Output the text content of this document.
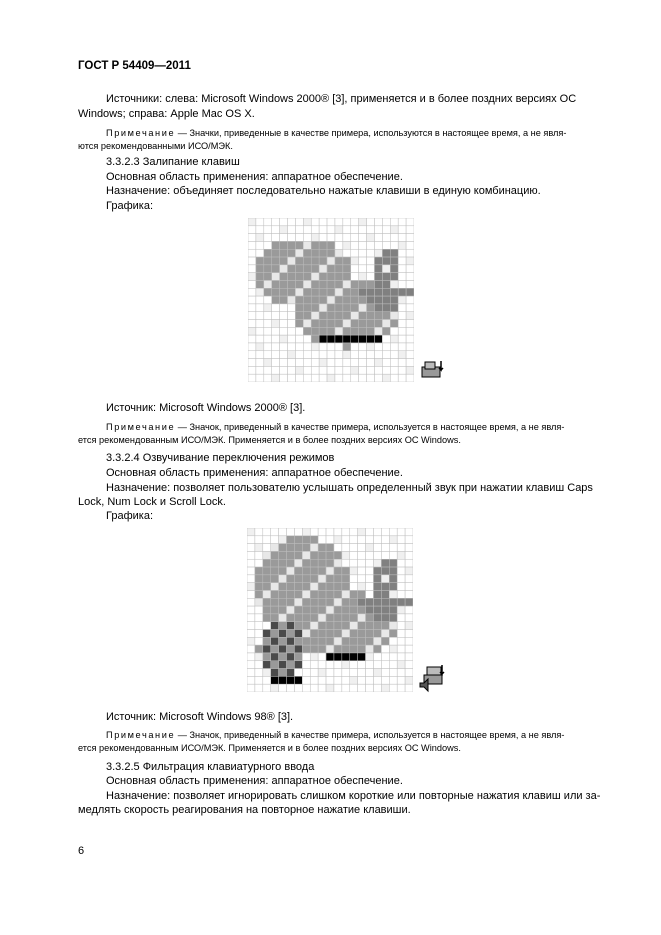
ГОСТ Р 54409—2011
Источники: слева: Microsoft Windows 2000® [3], применяется и в более поздних версиях ОС
Windows; справа: Apple Mac OS X.
Примечание — Значки, приведенные в качестве примера, используются в настоящее время, а не явля-
ются рекомендованными ИСО/МЭК.
3.3.2.3 Залипание клавиш
Основная область применения: аппаратное обеспечение.
Назначение: объединяет последовательно нажатые клавиши в единую комбинацию.
Графика:
Источник: Microsoft Windows 2000® [3].
Примечание — Значок, приведенный в качестве примера, используется в настоящее время, а не явля-
ется рекомендованным ИСО/МЭК. Применяется и в более поздних версиях ОС Windows.
3.3.2.4 Озвучивание переключения режимов
Основная область применения: аппаратное обеспечение.
Назначение: позволяет пользователю услышать определенный звук при нажатии клавиш Caps
Lock, Num Lock и Scroll Lock.
Графика:
Источник: Microsoft Windows 98® [3].
Примечание — Значок, приведенный в качестве примера, используется в настоящее время, а не явля-
ется рекомендованным ИСО/МЭК. Применяется и в более поздних версиях ОС Windows.
3.3.2.5 Фильтрация клавиатурного ввода
Основная область применения: аппаратное обеспечение.
Назначение: позволяет игнорировать слишком короткие или повторные нажатия клавиш или за-
медлять скорость реагирования на повторное нажатие клавиши.
6
